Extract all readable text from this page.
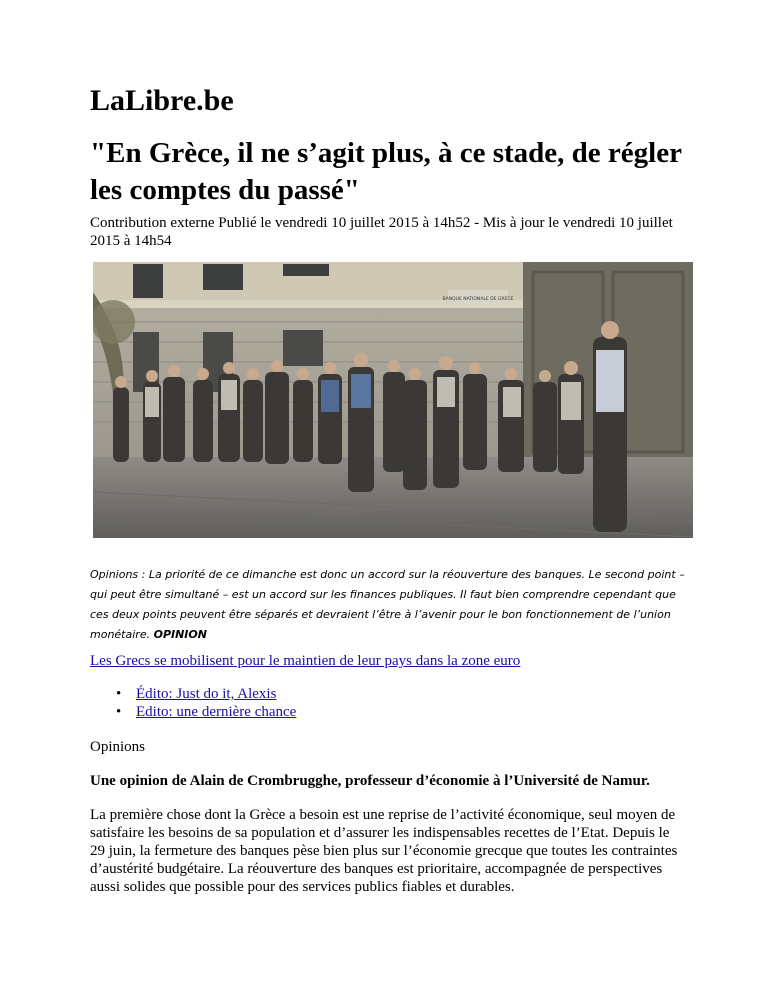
LaLibre.be
"En Grèce, il ne s’agit plus, à ce stade, de régler les comptes du passé"

Contribution externe Publié le vendredi 10 juillet 2015 à 14h52 - Mis à jour le vendredi 10 juillet 2015 à 14h54

BANQUE NATIONALE DE GRECE

Opinions : La priorité de ce dimanche est donc un accord sur la réouverture des banques. Le second point – qui peut être simultané – est un accord sur les finances publiques. Il faut bien comprendre cependant que ces deux points peuvent être séparés et devraient l’être à l’avenir pour le bon fonctionnement de l’union monétaire. OPINION

Les Grecs se mobilisent pour le maintien de leur pays dans la zone euro
• Édito: Just do it, Alexis
• Edito: une dernière chance

Opinions

Une opinion de Alain de Crombrugghe, professeur d’économie à l’Université de Namur.

La première chose dont la Grèce a besoin est une reprise de l’activité économique, seul moyen de satisfaire les besoins de sa population et d’assurer les indispensables recettes de l’Etat. Depuis le 29 juin, la fermeture des banques pèse bien plus sur l’économie grecque que toutes les contraintes d’austérité budgétaire. La réouverture des banques est prioritaire, accompagnée de perspectives aussi solides que possible pour des services publics fiables et durables.
